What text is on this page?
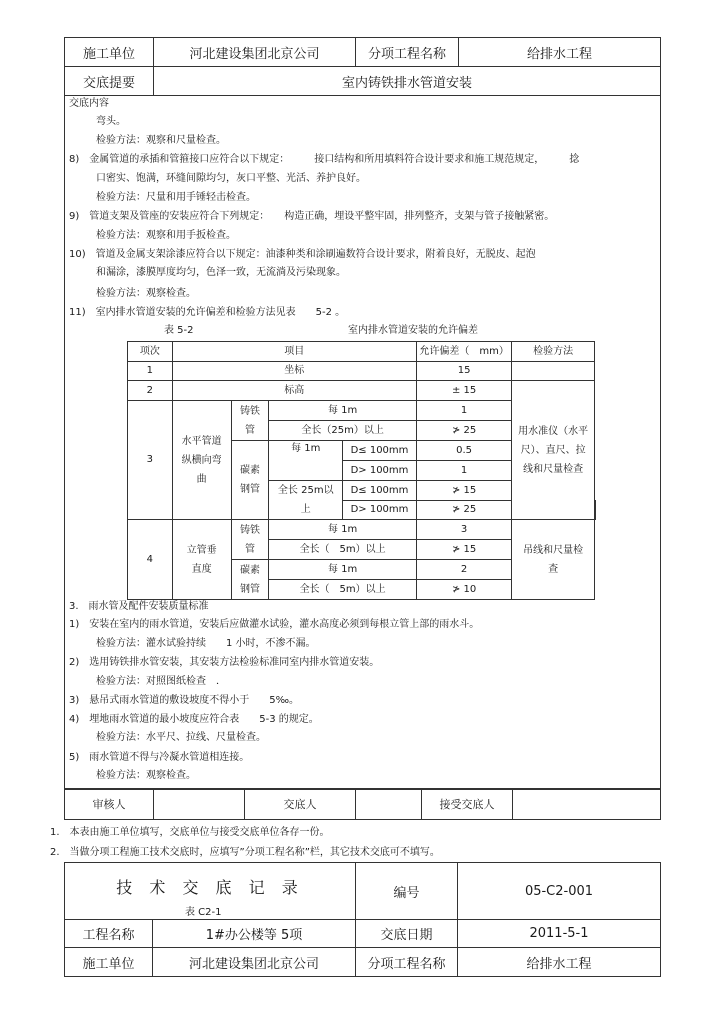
施工单位	河北建设集团北京公司	分项工程名称	给排水工程
交底提要	室内铸铁排水管道安装		
交底内容
弯头。
检验方法：观察和尺量检查。
8)　金属管道的承插和管箍接口应符合以下规定：　　　接口结构和所用填料符合设计要求和施工规范规定，　　　捻
口密实、饱满，环缝间隙均匀，灰口平整、光活、养护良好。
检验方法：尺量和用手锤轻击检查。
9)　管道支架及管座的安装应符合下列规定：　　构造正确，埋设平整牢固，排列整齐，支架与管子接触紧密。
检验方法：观察和用手扳检查。
10)　管道及金属支架涂漆应符合以下规定：油漆种类和涂刷遍数符合设计要求，附着良好，无脱皮、起泡
和漏涂，漆膜厚度均匀，色泽一致，无流淌及污染现象。
检验方法：观察检查。
11)　室内排水管道安装的允许偏差和检验方法见表　　5-2 。
表 5-2	室内排水管道安装的允许偏差
项次	项目				允许偏差（　mm）	检验方法	
1	坐标				15		
2	标高				± 15	用水准仪（水平尺）、直尺、拉线和尺量检查	
3	水平管道纵横向弯曲	铸铁管	每 1m		1		
			全长（25m）以上		≯ 25		
		碳素钢管	每 1m	D≤ 100mm	0.5		
				D> 100mm	1		
			全长 25m以上	D≤ 100mm	≯ 15		
				D> 100mm	≯ 25		
4	立管垂直度	铸铁管	每 1m		3	吊线和尺量检查	
			全长（　5m）以上		≯ 15		
		碳素钢管	每 1m		2		
			全长（　5m）以上		≯ 10		
3.　雨水管及配件安装质量标准
1)　安装在室内的雨水管道，安装后应做灌水试验，灌水高度必须到每根立管上部的雨水斗。
检验方法：灌水试验持续　　1 小时，不渗不漏。
2)　选用铸铁排水管安装，其安装方法检验标准同室内排水管道安装。
检验方法：对照图纸检查　．
3)　悬吊式雨水管道的敷设坡度不得小于　　5‰。
4)　埋地雨水管道的最小坡度应符合表　　5-3 的规定。
检验方法：水平尺、拉线、尺量检查。
5)　雨水管道不得与冷凝水管道相连接。
检验方法：观察检查。
审核人		交底人		接受交底人	
1.　本表由施工单位填写，交底单位与接受交底单位各存一份。
2.　当做分项工程施工技术交底时，应填写”分项工程名称”栏，其它技术交底可不填写。
技 术 交 底 记 录
表 C2-1		编号	05-C2-001
工程名称	1#办公楼等 5项	交底日期	2011-5-1
施工单位	河北建设集团北京公司	分项工程名称	给排水工程
